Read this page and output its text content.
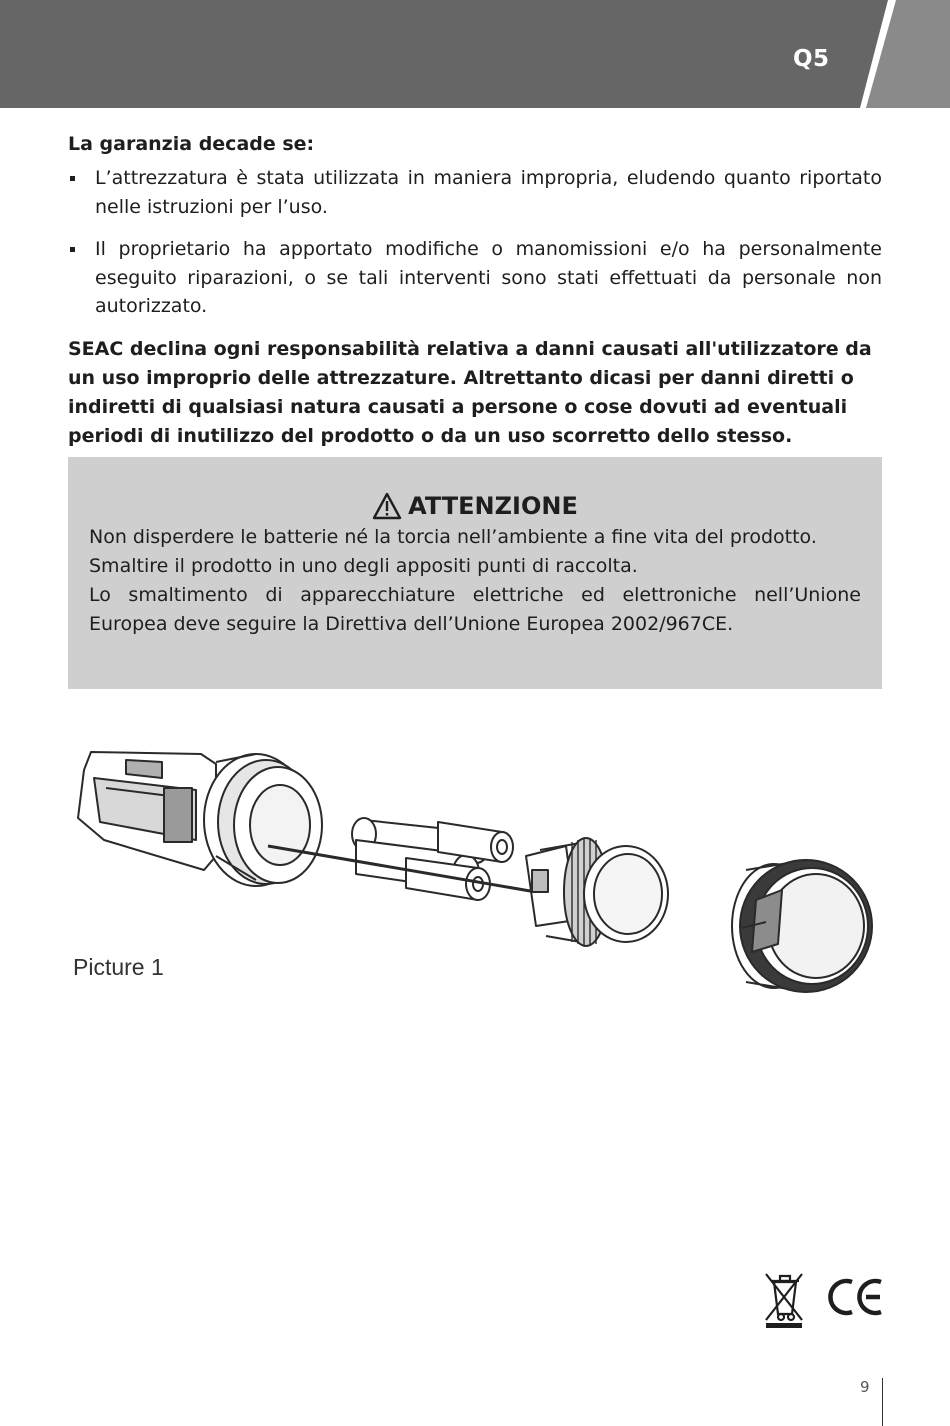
Q5

La garanzia decade se:

L’attrezzatura è stata utilizzata in maniera impropria, eludendo quanto riportato nelle istruzioni per l’uso.
Il proprietario ha apportato modifiche o manomissioni e/o ha personalmente eseguito riparazioni, o se tali interventi sono stati effettuati da personale non autorizzato.

SEAC declina ogni responsabilità relativa a danni causati all'utilizzatore da un uso improprio delle attrezzature. Altrettanto dicasi per danni diretti o indiretti di qualsiasi natura causati a persone o cose dovuti ad eventuali periodi di inutilizzo del prodotto o da un uso scorretto dello stesso.

ATTENZIONE

Non disperdere le batterie né la torcia nell’ambiente a fine vita del prodotto.

Smaltire il prodotto in uno degli appositi punti di raccolta.

Lo smaltimento di apparecchiature elettriche ed elettroniche nell’Unione Europea deve seguire la Direttiva dell’Unione Europea 2002/967CE.

Picture 1
9
